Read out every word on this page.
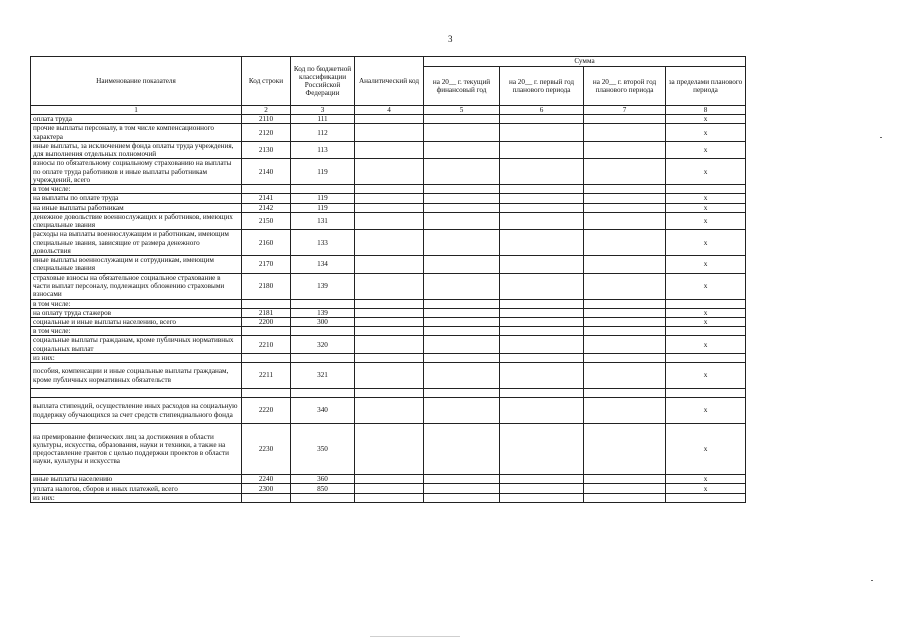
3
Наименование показателя	Код строки	Код по бюджетной классификации Российской Федерации	Аналитический код	Сумма			
				на 20__ г. текущий финансовый год	на 20__ г. первый год планового периода	на 20__ г. второй год планового периода	за пределами планового периода
1	2	3	4	5	6	7	8
оплата труда	2110	111					х
прочие выплаты персоналу, в том числе компенсационного характера	2120	112					х
иные выплаты, за исключением фонда оплаты труда учреждения, для выполнения отдельных полномочий	2130	113					х
взносы по обязательному социальному страхованию на выплаты по оплате труда работников и иные выплаты работникам учреждений, всего	2140	119					х
в том числе:							
на выплаты по оплате труда	2141	119					х
на иные выплаты работникам	2142	119					х
денежное довольствие военнослужащих и работников, имеющих специальные звания	2150	131					х
расходы на выплаты военнослужащим и работникам, имеющим специальные звания, зависящие от размера денежного довольствия	2160	133					х
иные выплаты военнослужащим и сотрудникам, имеющим специальные звания	2170	134					х
страховые взносы на обязательное социальное страхование в части выплат персоналу, подлежащих обложению страховыми взносами	2180	139					х
в том числе:							
на оплату труда стажеров	2181	139					х
социальные и иные выплаты населению, всего	2200	300					х
в том числе:							
социальные выплаты гражданам, кроме публичных нормативных социальных выплат	2210	320					х
из них:							
пособия, компенсации и иные социальные выплаты гражданам, кроме публичных нормативных обязательств	2211	321					х

выплата стипендий, осуществление иных расходов на социальную поддержку обучающихся за счет средств стипендиального фонда	2220	340					х
на премирование физических лиц за достижения в области культуры, искусства, образования, науки и техники, а также на предоставление грантов с целью поддержки проектов в области науки, культуры и искусства	2230	350					х
иные выплаты населению	2240	360					х
уплата налогов, сборов и иных платежей, всего	2300	850					х
из них:							
